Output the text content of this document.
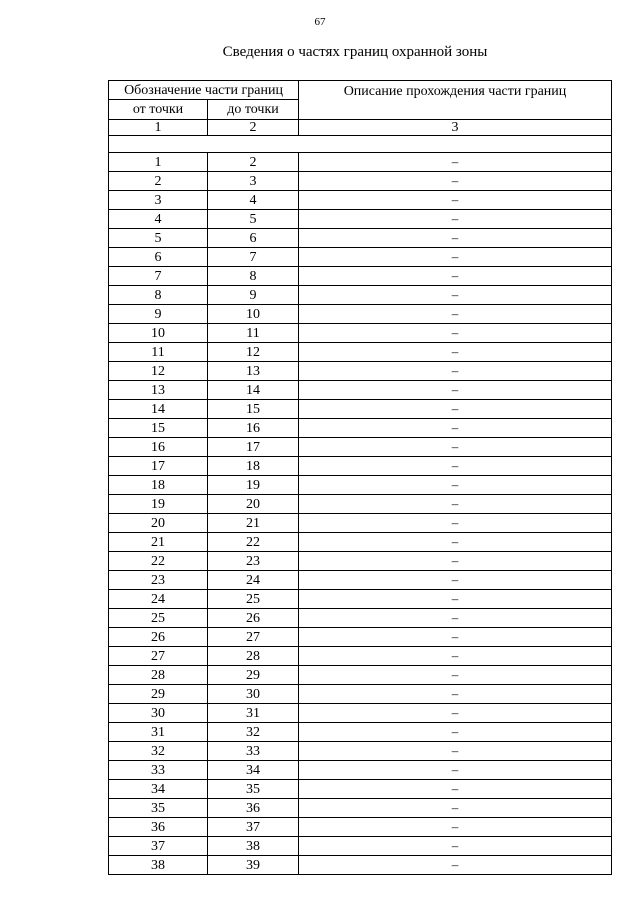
67
Сведения о частях границ охранной зоны
Обозначение части границ		Описание прохождения части границ
от точки	до точки	
1	2	3

1	2	–
2	3	–
3	4	–
4	5	–
5	6	–
6	7	–
7	8	–
8	9	–
9	10	–
10	11	–
11	12	–
12	13	–
13	14	–
14	15	–
15	16	–
16	17	–
17	18	–
18	19	–
19	20	–
20	21	–
21	22	–
22	23	–
23	24	–
24	25	–
25	26	–
26	27	–
27	28	–
28	29	–
29	30	–
30	31	–
31	32	–
32	33	–
33	34	–
34	35	–
35	36	–
36	37	–
37	38	–
38	39	–
